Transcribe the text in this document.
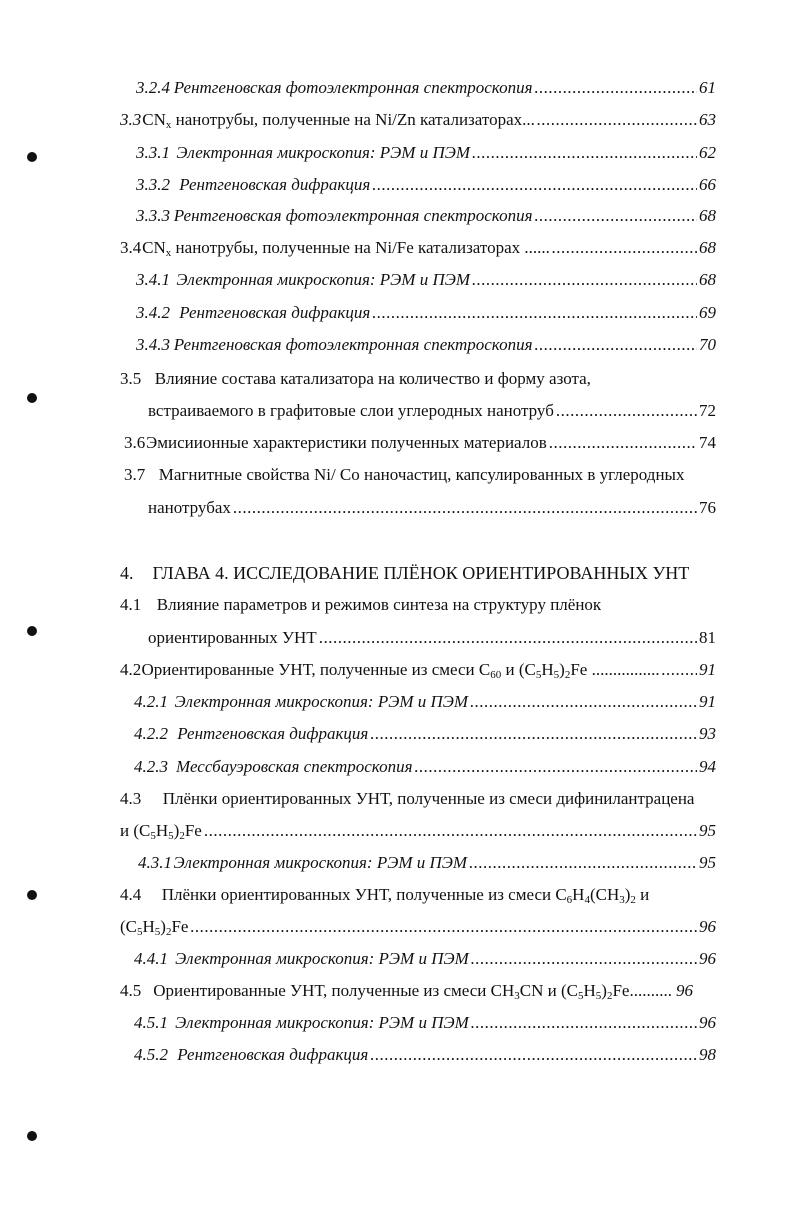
3.2.4 Рентгеновская фотоэлектронная спектроскопия .....	61
3.3 $CN_x$ нанотрубы, полученные на Ni/Zn катализаторах... .....	63
3.3.1 Электронная микроскопия: РЭМ и ПЭМ .....	62
3.3.2 Рентгеновская дифракция .....	66
3.3.3 Рентгеновская фотоэлектронная спектроскопия .....	68
3.4 $CN_x$ нанотрубы, полученные на Ni/Fe катализаторах ...... .....	68
3.4.1 Электронная микроскопия: РЭМ и ПЭМ .....	68
3.4.2 Рентгеновская дифракция .....	69
3.4.3 Рентгеновская фотоэлектронная спектроскопия .....	70
3.5 Влияние состава катализатора на количество и форму азота,
встраиваемого в графитовые слои углеродных нанотруб .....	72
3.6 Эмисиионные характеристики полученных материалов .....	74
3.7 Магнитные свойства Ni/ Co наночастиц, капсулированных в углеродных
нанотрубах .....	76
4. ГЛАВА 4. ИССЛЕДОВАНИЕ ПЛЁНОК ОРИЕНТИРОВАННЫХ УНТ
4.1 Влияние параметров и режимов синтеза на структуру плёнок
ориентированных УНТ .....	81
4.2 Ориентированные УНТ, полученные из смеси $C_{60}$ и $(C_5H_5)_2Fe$ ................ ..... 91
4.2.1 Электронная микроскопия: РЭМ и ПЭМ .....	91
4.2.2 Рентгеновская дифракция .....	93
4.2.3 Мессбауэровская спектроскопия .....	94
4.3 Плёнки ориентированных УНТ, полученные из смеси дифинилантрацена
и $(C_5H_5)_2Fe$ .....	95
4.3.1 Электронная микроскопия: РЭМ и ПЭМ .....	95
4.4 Плёнки ориентированных УНТ, полученные из смеси $C_6H_4(CH_3)_2$ и
$(C_5H_5)_2Fe$ .....	96
4.4.1 Электронная микроскопия: РЭМ и ПЭМ .....	96
4.5 Ориентированные УНТ, полученные из смеси $CH_3CN$ и $(C_5H_5)_2Fe$.......... 96
4.5.1 Электронная микроскопия: РЭМ и ПЭМ .....	96
4.5.2 Рентгеновская дифракция .....	98
